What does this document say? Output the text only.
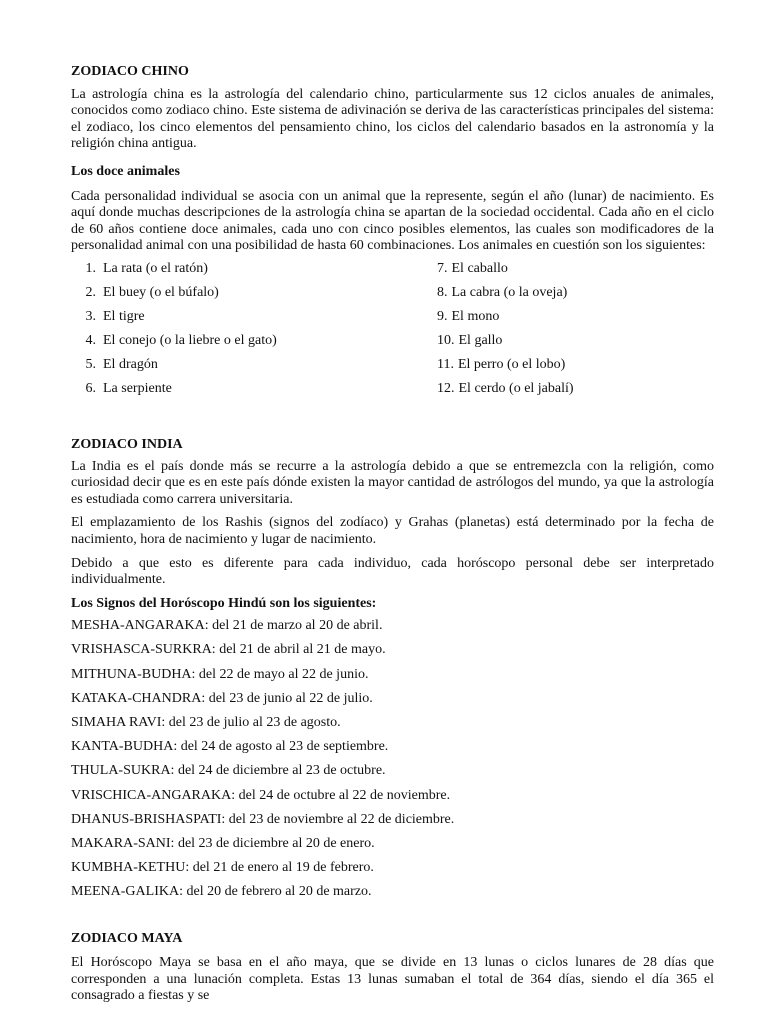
ZODIACO CHINO

La astrología china es la astrología del calendario chino, particularmente sus 12 ciclos anuales de animales, conocidos como zodiaco chino. Este sistema de adivinación se deriva de las características principales del sistema: el zodiaco, los cinco elementos del pensamiento chino, los ciclos del calendario basados en la astronomía y la religión china antigua.

Los doce animales

Cada personalidad individual se asocia con un animal que la represente, según el año (lunar) de nacimiento. Es aquí donde muchas descripciones de la astrología china se apartan de la sociedad occidental. Cada año en el ciclo de 60 años contiene doce animales, cada uno con cinco posibles elementos, las cuales son modificadores de la personalidad animal con una posibilidad de hasta 60 combinaciones. Los animales en cuestión son los siguientes:

1. La rata (o el ratón)
2. El buey (o el búfalo)
3. El tigre
4. El conejo (o la liebre o el gato)
5. El dragón
6. La serpiente
7. El caballo
8. La cabra (o la oveja)
9. El mono
10. El gallo
11. El perro (o el lobo)
12. El cerdo (o el jabalí)
ZODIACO INDIA

La India es el país donde más se recurre a la astrología debido a que se entremezcla con la religión, como curiosidad decir que es en este país dónde existen la mayor cantidad de astrólogos del mundo, ya que la astrología es estudiada como carrera universitaria.

El emplazamiento de los Rashis (signos del zodíaco) y Grahas (planetas) está determinado por la fecha de nacimiento, hora de nacimiento y lugar de nacimiento.

Debido a que esto es diferente para cada individuo, cada horóscopo personal debe ser interpretado individualmente.

Los Signos del Horóscopo Hindú son los siguientes:
MESHA-ANGARAKA: del 21 de marzo al 20 de abril.
VRISHASCA-SURKRA: del 21 de abril al 21 de mayo.
MITHUNA-BUDHA: del 22 de mayo al 22 de junio.
KATAKA-CHANDRA: del 23 de junio al 22 de julio.
SIMAHA RAVI: del 23 de julio al 23 de agosto.
KANTA-BUDHA: del 24 de agosto al 23 de septiembre.
THULA-SUKRA: del 24 de diciembre al 23 de octubre.
VRISCHICA-ANGARAKA: del 24 de octubre al 22 de noviembre.
DHANUS-BRISHASPATI: del 23 de noviembre al 22 de diciembre.
MAKARA-SANI: del 23 de diciembre al 20 de enero.
KUMBHA-KETHU: del 21 de enero al 19 de febrero.
MEENA-GALIKA: del 20 de febrero al 20 de marzo.
ZODIACO MAYA

El Horóscopo Maya se basa en el año maya, que se divide en 13 lunas o ciclos lunares de 28 días que corresponden a una lunación completa. Estas 13 lunas sumaban el total de 364 días, siendo el día 365 el consagrado a fiestas y se
